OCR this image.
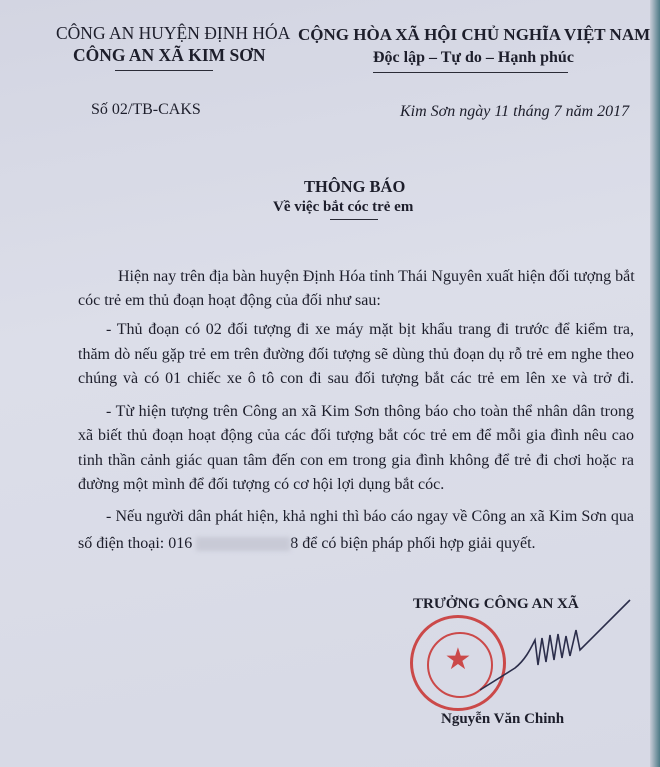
CÔNG AN HUYỆN ĐỊNH HÓA
CÔNG AN XÃ KIM SƠN
CỘNG HÒA XÃ HỘI CHỦ NGHĨA VIỆT NAM
Độc lập – Tự do – Hạnh phúc
Số 02/TB-CAKS	Kim Sơn ngày 11 tháng 7 năm 2017
THÔNG BÁO
Về việc bắt cóc trẻ em

Hiện nay trên địa bàn huyện Định Hóa tỉnh Thái Nguyên xuất hiện đối tượng bắt

cóc trẻ em thủ đoạn hoạt động của đối như sau:

- Thủ đoạn có 02 đối tượng đi xe máy mặt bịt khẩu trang đi trước để kiểm tra,

thăm dò nếu gặp trẻ em trên đường đối tượng sẽ dùng thủ đoạn dụ rỗ trẻ em nghe theo

chúng và có 01 chiếc xe ô tô con đi sau đối tượng bắt các trẻ em lên xe và trở đi.

- Từ hiện tượng trên Công an xã Kim Sơn thông báo cho toàn thể nhân dân trong

xã biết thủ đoạn hoạt động của các đối tượng bắt cóc trẻ em để mỗi gia đình nêu cao

tinh thần cảnh giác quan tâm đến con em trong gia đình không để trẻ đi chơi hoặc ra

đường một mình để đối tượng có cơ hội lợi dụng bắt cóc.

- Nếu người dân phát hiện, khả nghi thì báo cáo ngay về Công an xã Kim Sơn qua

số điện thoại: 016	8 để có biện pháp phối hợp giải quyết.

TRƯỞNG CÔNG AN XÃ
★
Nguyễn Văn Chinh
